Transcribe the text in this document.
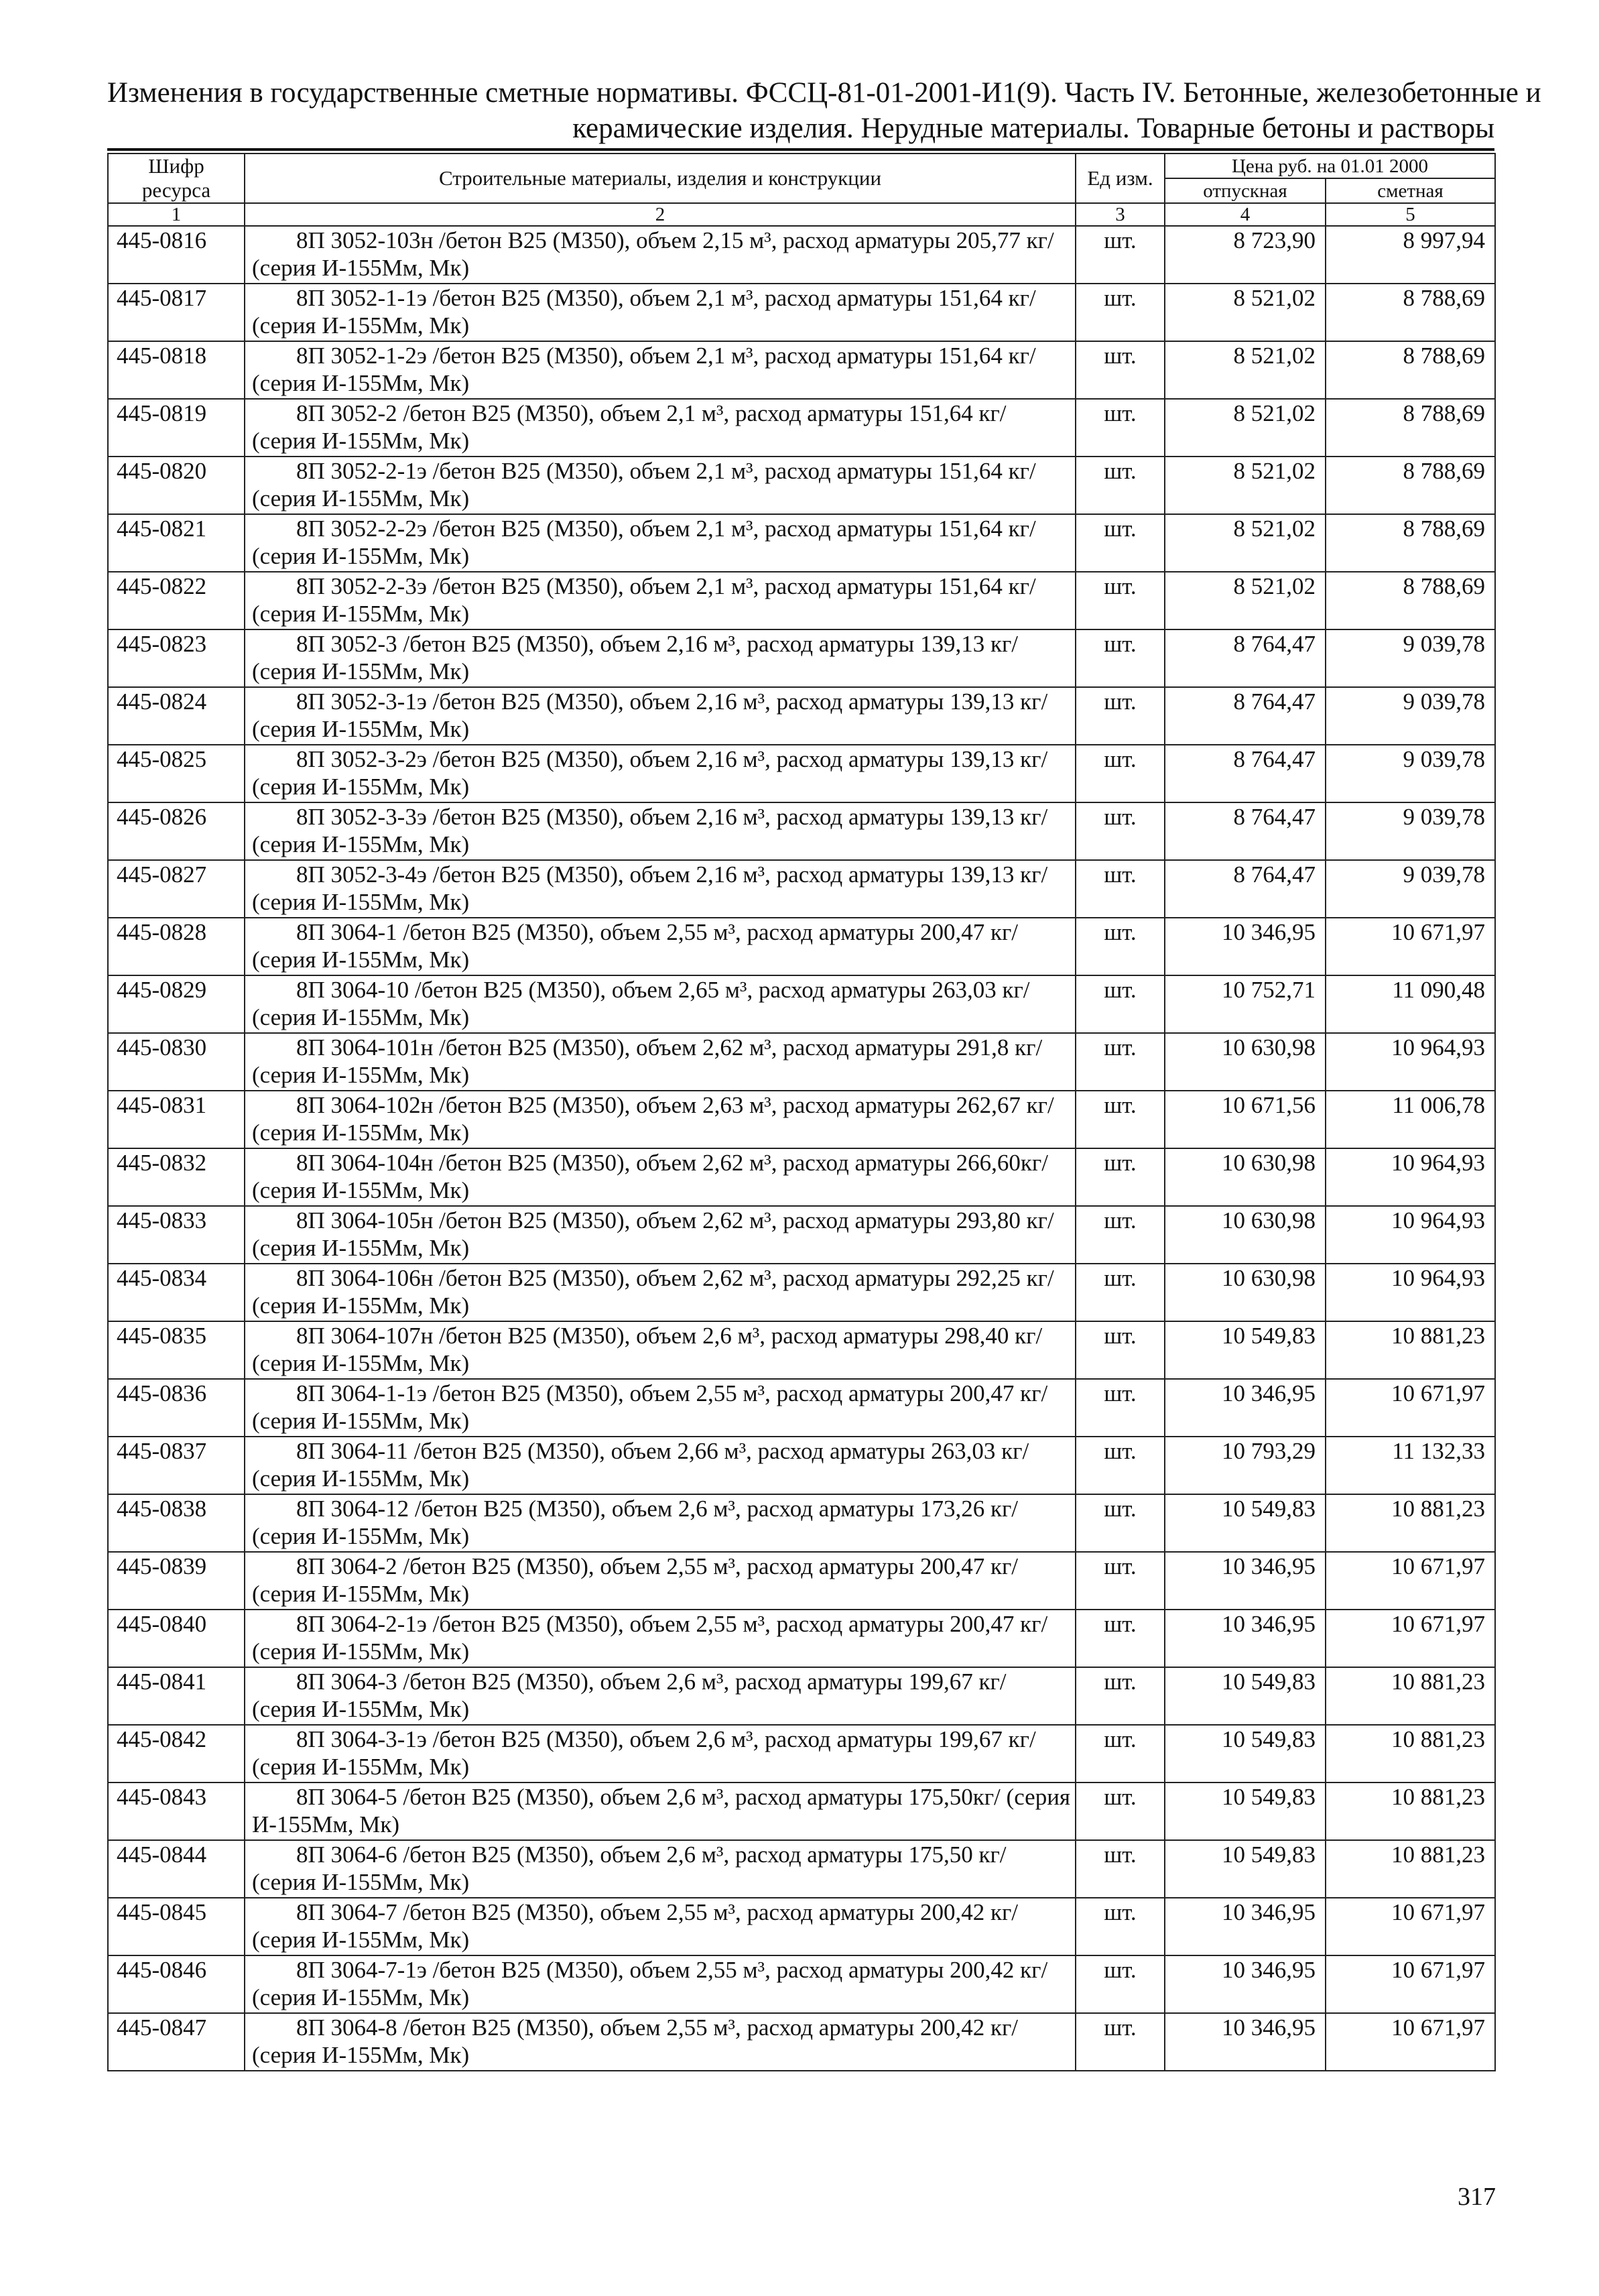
Изменения в государственные сметные нормативы. ФССЦ-81-01-2001-И1(9). Часть IV. Бетонные, железобетонные и
керамические изделия. Нерудные материалы. Товарные бетоны и растворы
Шифр ресурса	Строительные материалы, изделия и конструкции	Ед изм.	Цена руб. на 01.01 2000	
			отпускная	сметная
1	2	3	4	5
445-0816	8П 3052-103н /бетон В25 (М350), объем 2,15 м³, расход арматуры 205,77 кг/ (серия И-155Мм, Мк)	шт.	8 723,90	8 997,94
445-0817	8П 3052-1-1э /бетон В25 (М350), объем 2,1 м³, расход арматуры 151,64 кг/ (серия И-155Мм, Мк)	шт.	8 521,02	8 788,69
445-0818	8П 3052-1-2э /бетон В25 (М350), объем 2,1 м³, расход арматуры 151,64 кг/ (серия И-155Мм, Мк)	шт.	8 521,02	8 788,69
445-0819	8П 3052-2 /бетон В25 (М350), объем 2,1 м³, расход арматуры 151,64 кг/ (серия И-155Мм, Мк)	шт.	8 521,02	8 788,69
445-0820	8П 3052-2-1э /бетон В25 (М350), объем 2,1 м³, расход арматуры 151,64 кг/ (серия И-155Мм, Мк)	шт.	8 521,02	8 788,69
445-0821	8П 3052-2-2э /бетон В25 (М350), объем 2,1 м³, расход арматуры 151,64 кг/ (серия И-155Мм, Мк)	шт.	8 521,02	8 788,69
445-0822	8П 3052-2-3э /бетон В25 (М350), объем 2,1 м³, расход арматуры 151,64 кг/ (серия И-155Мм, Мк)	шт.	8 521,02	8 788,69
445-0823	8П 3052-3 /бетон В25 (М350), объем 2,16 м³, расход арматуры 139,13 кг/ (серия И-155Мм, Мк)	шт.	8 764,47	9 039,78
445-0824	8П 3052-3-1э /бетон В25 (М350), объем 2,16 м³, расход арматуры 139,13 кг/ (серия И-155Мм, Мк)	шт.	8 764,47	9 039,78
445-0825	8П 3052-3-2э /бетон В25 (М350), объем 2,16 м³, расход арматуры 139,13 кг/ (серия И-155Мм, Мк)	шт.	8 764,47	9 039,78
445-0826	8П 3052-3-3э /бетон В25 (М350), объем 2,16 м³, расход арматуры 139,13 кг/ (серия И-155Мм, Мк)	шт.	8 764,47	9 039,78
445-0827	8П 3052-3-4э /бетон В25 (М350), объем 2,16 м³, расход арматуры 139,13 кг/ (серия И-155Мм, Мк)	шт.	8 764,47	9 039,78
445-0828	8П 3064-1 /бетон В25 (М350), объем 2,55 м³, расход арматуры 200,47 кг/ (серия И-155Мм, Мк)	шт.	10 346,95	10 671,97
445-0829	8П 3064-10 /бетон В25 (М350), объем 2,65 м³, расход арматуры 263,03 кг/ (серия И-155Мм, Мк)	шт.	10 752,71	11 090,48
445-0830	8П 3064-101н /бетон В25 (М350), объем 2,62 м³, расход арматуры 291,8 кг/ (серия И-155Мм, Мк)	шт.	10 630,98	10 964,93
445-0831	8П 3064-102н /бетон В25 (М350), объем 2,63 м³, расход арматуры 262,67 кг/ (серия И-155Мм, Мк)	шт.	10 671,56	11 006,78
445-0832	8П 3064-104н /бетон В25 (М350), объем 2,62 м³, расход арматуры 266,60кг/ (серия И-155Мм, Мк)	шт.	10 630,98	10 964,93
445-0833	8П 3064-105н /бетон В25 (М350), объем 2,62 м³, расход арматуры 293,80 кг/ (серия И-155Мм, Мк)	шт.	10 630,98	10 964,93
445-0834	8П 3064-106н /бетон В25 (М350), объем 2,62 м³, расход арматуры 292,25 кг/ (серия И-155Мм, Мк)	шт.	10 630,98	10 964,93
445-0835	8П 3064-107н /бетон В25 (М350), объем 2,6 м³, расход арматуры 298,40 кг/ (серия И-155Мм, Мк)	шт.	10 549,83	10 881,23
445-0836	8П 3064-1-1э /бетон В25 (М350), объем 2,55 м³, расход арматуры 200,47 кг/ (серия И-155Мм, Мк)	шт.	10 346,95	10 671,97
445-0837	8П 3064-11 /бетон В25 (М350), объем 2,66 м³, расход арматуры 263,03 кг/ (серия И-155Мм, Мк)	шт.	10 793,29	11 132,33
445-0838	8П 3064-12 /бетон В25 (М350), объем 2,6 м³, расход арматуры 173,26 кг/ (серия И-155Мм, Мк)	шт.	10 549,83	10 881,23
445-0839	8П 3064-2 /бетон В25 (М350), объем 2,55 м³, расход арматуры 200,47 кг/ (серия И-155Мм, Мк)	шт.	10 346,95	10 671,97
445-0840	8П 3064-2-1э /бетон В25 (М350), объем 2,55 м³, расход арматуры 200,47 кг/ (серия И-155Мм, Мк)	шт.	10 346,95	10 671,97
445-0841	8П 3064-3 /бетон В25 (М350), объем 2,6 м³, расход арматуры 199,67 кг/ (серия И-155Мм, Мк)	шт.	10 549,83	10 881,23
445-0842	8П 3064-3-1э /бетон В25 (М350), объем 2,6 м³, расход арматуры 199,67 кг/ (серия И-155Мм, Мк)	шт.	10 549,83	10 881,23
445-0843	8П 3064-5 /бетон В25 (М350), объем 2,6 м³, расход арматуры 175,50кг/ (серия И-155Мм, Мк)	шт.	10 549,83	10 881,23
445-0844	8П 3064-6 /бетон В25 (М350), объем 2,6 м³, расход арматуры 175,50 кг/ (серия И-155Мм, Мк)	шт.	10 549,83	10 881,23
445-0845	8П 3064-7 /бетон В25 (М350), объем 2,55 м³, расход арматуры 200,42 кг/ (серия И-155Мм, Мк)	шт.	10 346,95	10 671,97
445-0846	8П 3064-7-1э /бетон В25 (М350), объем 2,55 м³, расход арматуры 200,42 кг/ (серия И-155Мм, Мк)	шт.	10 346,95	10 671,97
445-0847	8П 3064-8 /бетон В25 (М350), объем 2,55 м³, расход арматуры 200,42 кг/ (серия И-155Мм, Мк)	шт.	10 346,95	10 671,97
317
